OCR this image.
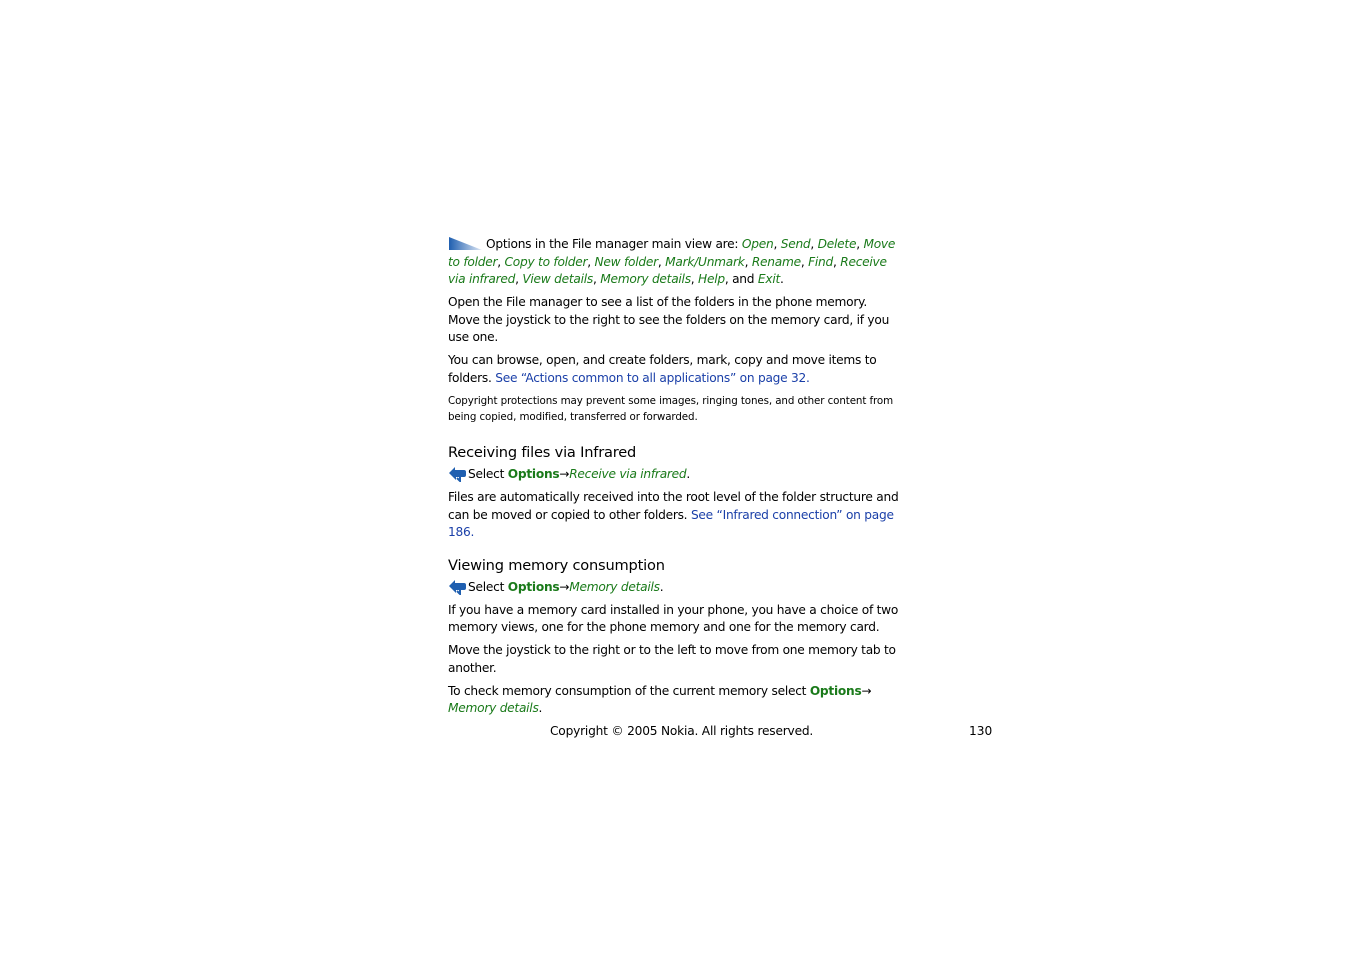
Options in the File manager main view are: Open, Send, Delete, Move to folder, Copy to folder, New folder, Mark/Unmark, Rename, Find, Receive via infrared, View details, Memory details, Help, and Exit.

Open the File manager to see a list of the folders in the phone memory. Move the joystick to the right to see the folders on the memory card, if you use one.

You can browse, open, and create folders, mark, copy and move items to folders. See “Actions common to all applications” on page 32.

Copyright protections may prevent some images, ringing tones, and other content from being copied, modified, transferred or forwarded.

Receiving files via Infrared

Select Options→Receive via infrared.

Files are automatically received into the root level of the folder structure and can be moved or copied to other folders. See “Infrared connection” on page 186.

Viewing memory consumption

Select Options→Memory details.

If you have a memory card installed in your phone, you have a choice of two memory views, one for the phone memory and one for the memory card.

Move the joystick to the right or to the left to move from one memory tab to another.

To check memory consumption of the current memory select Options→ Memory details.

Copyright © 2005 Nokia. All rights reserved.	130
